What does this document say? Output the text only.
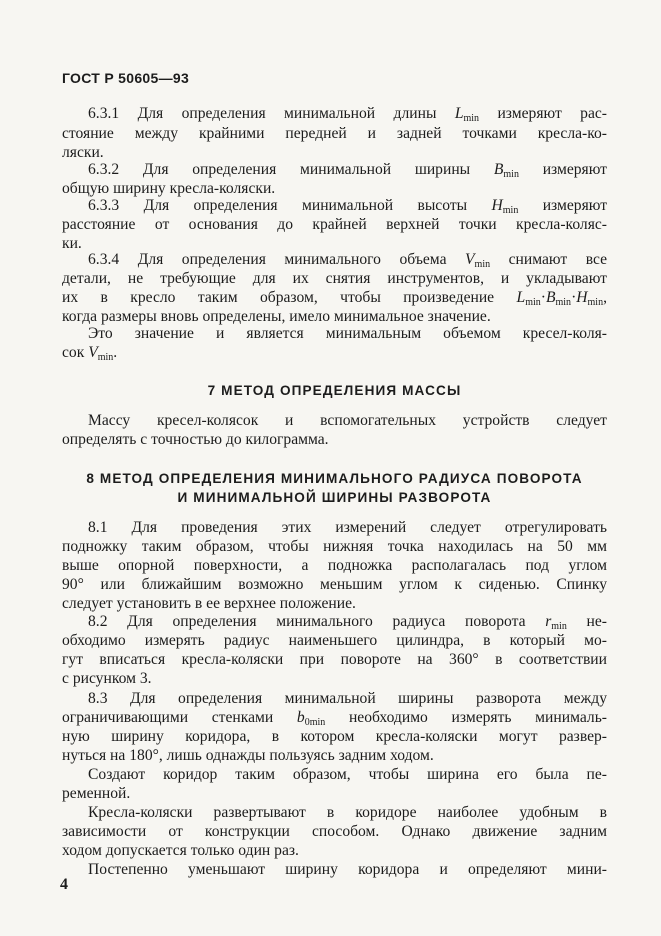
ГОСТ Р 50605—93
6.3.1 Для определения минимальной длины $L_{min}$ измеряют рас-
стояние между крайними передней и задней точками кресла-ко-
ляски.
6.3.2 Для определения минимальной ширины $B_{min}$ измеряют
общую ширину кресла-коляски.
6.3.3 Для определения минимальной высоты $H_{min}$ измеряют
расстояние от основания до крайней верхней точки кресла-коляс-
ки.
6.3.4 Для определения минимального объема $V_{min}$ снимают все
детали, не требующие для их снятия инструментов, и укладывают
их в кресло таким образом, чтобы произведение $L_{min}\cdot B_{min}\cdot H_{min}$,
когда размеры вновь определены, имело минимальное значение.
Это значение и является минимальным объемом кресел-коля-
сок $V_{min}$.
7 МЕТОД ОПРЕДЕЛЕНИЯ МАССЫ
Массу кресел-колясок и вспомогательных устройств следует
определять с точностью до килограмма.
8 МЕТОД ОПРЕДЕЛЕНИЯ МИНИМАЛЬНОГО РАДИУСА ПОВОРОТА
И МИНИМАЛЬНОЙ ШИРИНЫ РАЗВОРОТА
8.1 Для проведения этих измерений следует отрегулировать
подножку таким образом, чтобы нижняя точка находилась на 50 мм
выше опорной поверхности, а подножка располагалась под углом
90° или ближайшим возможно меньшим углом к сиденью. Спинку
следует установить в ее верхнее положение.
8.2 Для определения минимального радиуса поворота $r_{min}$ не-
обходимо измерять радиус наименьшего цилиндра, в который мо-
гут вписаться кресла-коляски при повороте на 360° в соответствии
с рисунком 3.
8.3 Для определения минимальной ширины разворота между
ограничивающими стенками $b_{0min}$ необходимо измерять минималь-
ную ширину коридора, в котором кресла-коляски могут развер-
нуться на 180°, лишь однажды пользуясь задним ходом.
Создают коридор таким образом, чтобы ширина его была пе-
ременной.
Кресла-коляски развертывают в коридоре наиболее удобным в
зависимости от конструкции способом. Однако движение задним
ходом допускается только один раз.
Постепенно уменьшают ширину коридора и определяют мини-
4
